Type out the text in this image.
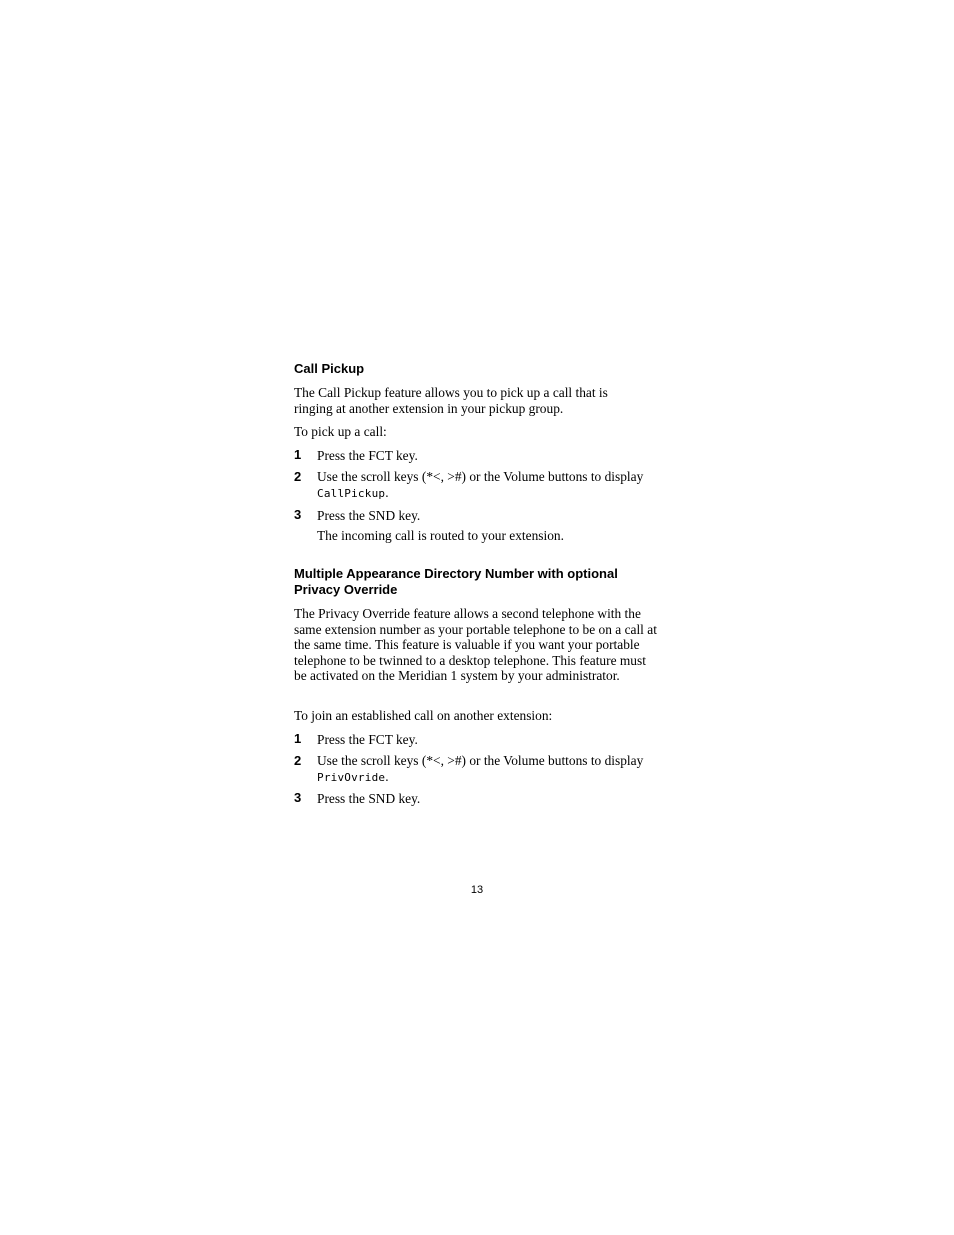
Call Pickup

The Call Pickup feature allows you to pick up a call that is ringing at another extension in your pickup group.

To pick up a call:

1 Press the FCT key.
2 Use the scroll keys (*<, >#) or the Volume buttons to display
CallPickup.
3 Press the SND key.

The incoming call is routed to your extension.

Multiple Appearance Directory Number with optional Privacy Override

The Privacy Override feature allows a second telephone with the same extension number as your portable telephone to be on a call at the same time. This feature is valuable if you want your portable telephone to be twinned to a desktop telephone. This feature must be activated on the Meridian 1 system by your administrator.

To join an established call on another extension:

1 Press the FCT key.
2 Use the scroll keys (*<, >#) or the Volume buttons to display
PrivOvride.
3 Press the SND key.
13
